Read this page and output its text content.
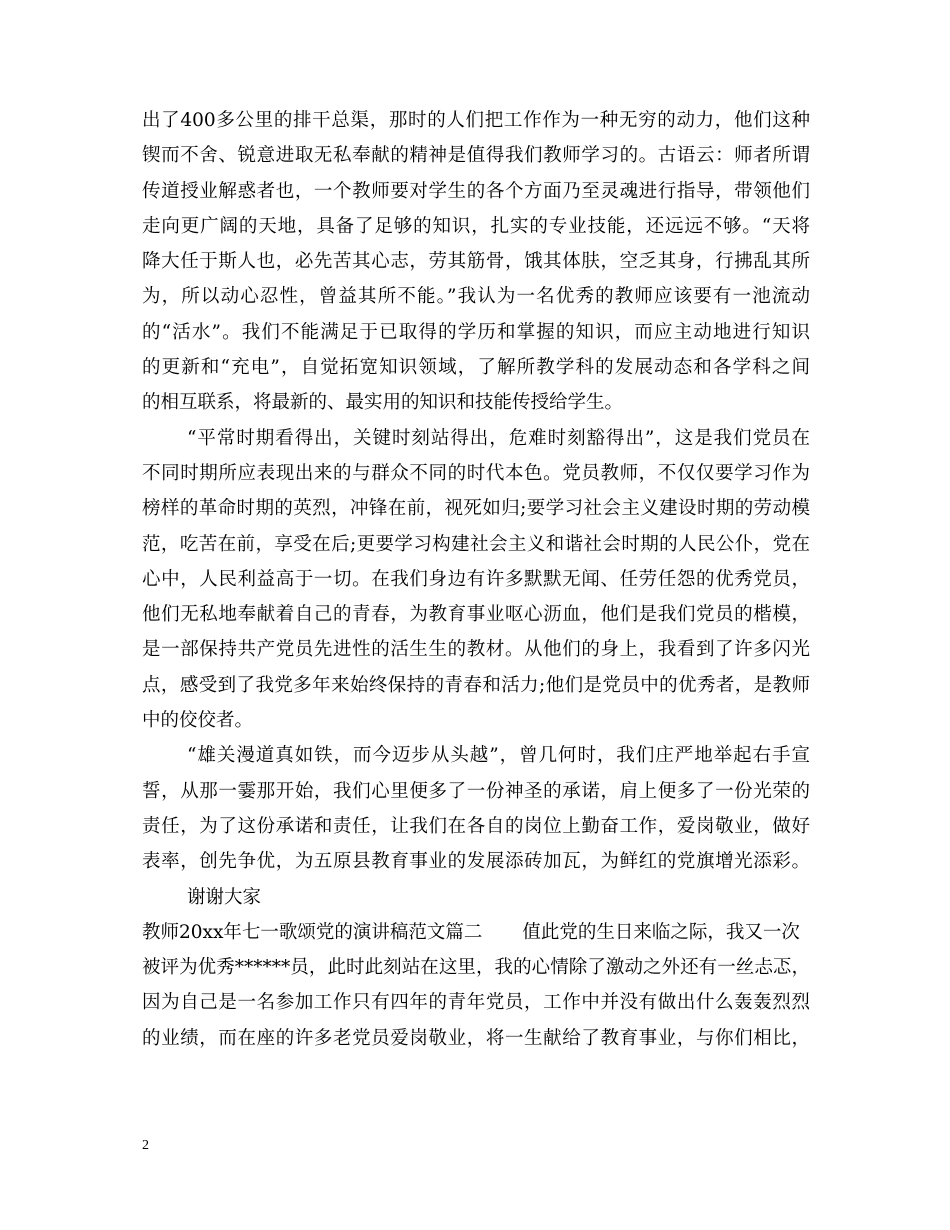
出了400多公里的排干总渠，那时的人们把工作作为一种无穷的动力，他们这种
锲而不舍、锐意进取无私奉献的精神是值得我们教师学习的。古语云：师者所谓
传道授业解惑者也，一个教师要对学生的各个方面乃至灵魂进行指导，带领他们
走向更广阔的天地，具备了足够的知识，扎实的专业技能，还远远不够。“天将
降大任于斯人也，必先苦其心志，劳其筋骨，饿其体肤，空乏其身，行拂乱其所
为，所以动心忍性，曾益其所不能。”我认为一名优秀的教师应该要有一池流动
的“活水”。我们不能满足于已取得的学历和掌握的知识，而应主动地进行知识
的更新和“充电”，自觉拓宽知识领域，了解所教学科的发展动态和各学科之间
的相互联系，将最新的、最实用的知识和技能传授给学生。
“平常时期看得出，关键时刻站得出，危难时刻豁得出”，这是我们党员在
不同时期所应表现出来的与群众不同的时代本色。党员教师，不仅仅要学习作为
榜样的革命时期的英烈，冲锋在前，视死如归;要学习社会主义建设时期的劳动模
范，吃苦在前，享受在后;更要学习构建社会主义和谐社会时期的人民公仆，党在
心中，人民利益高于一切。在我们身边有许多默默无闻、任劳任怨的优秀党员，
他们无私地奉献着自己的青春，为教育事业呕心沥血，他们是我们党员的楷模，
是一部保持共产党员先进性的活生生的教材。从他们的身上，我看到了许多闪光
点，感受到了我党多年来始终保持的青春和活力;他们是党员中的优秀者，是教师
中的佼佼者。
“雄关漫道真如铁，而今迈步从头越”，曾几何时，我们庄严地举起右手宣
誓，从那一霎那开始，我们心里便多了一份神圣的承诺，肩上便多了一份光荣的
责任，为了这份承诺和责任，让我们在各自的岗位上勤奋工作，爱岗敬业，做好
表率，创先争优，为五原县教育事业的发展添砖加瓦，为鲜红的党旗增光添彩。
谢谢大家
教师20xx年七一歌颂党的演讲稿范文篇二 值此党的生日来临之际，我又一次
被评为优秀******员，此时此刻站在这里，我的心情除了激动之外还有一丝忐忑，
因为自己是一名参加工作只有四年的青年党员，工作中并没有做出什么轰轰烈烈
的业绩，而在座的许多老党员爱岗敬业，将一生献给了教育事业，与你们相比，
2
